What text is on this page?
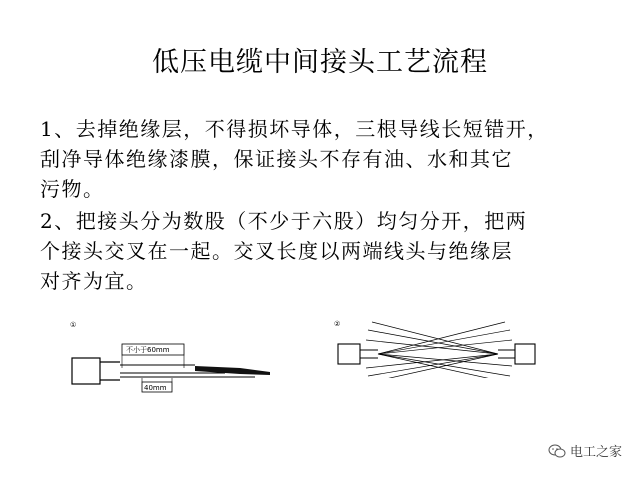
低压电缆中间接头工艺流程
1、去掉绝缘层，不得损坏导体，三根导线长短错开，
刮净导体绝缘漆膜，保证接头不存有油、水和其它
污物。
2、把接头分为数股（不少于六股）均匀分开，把两
个接头交叉在一起。交叉长度以两端线头与绝缘层
对齐为宜。
①
不小于60mm
40mm
②
电工之家
